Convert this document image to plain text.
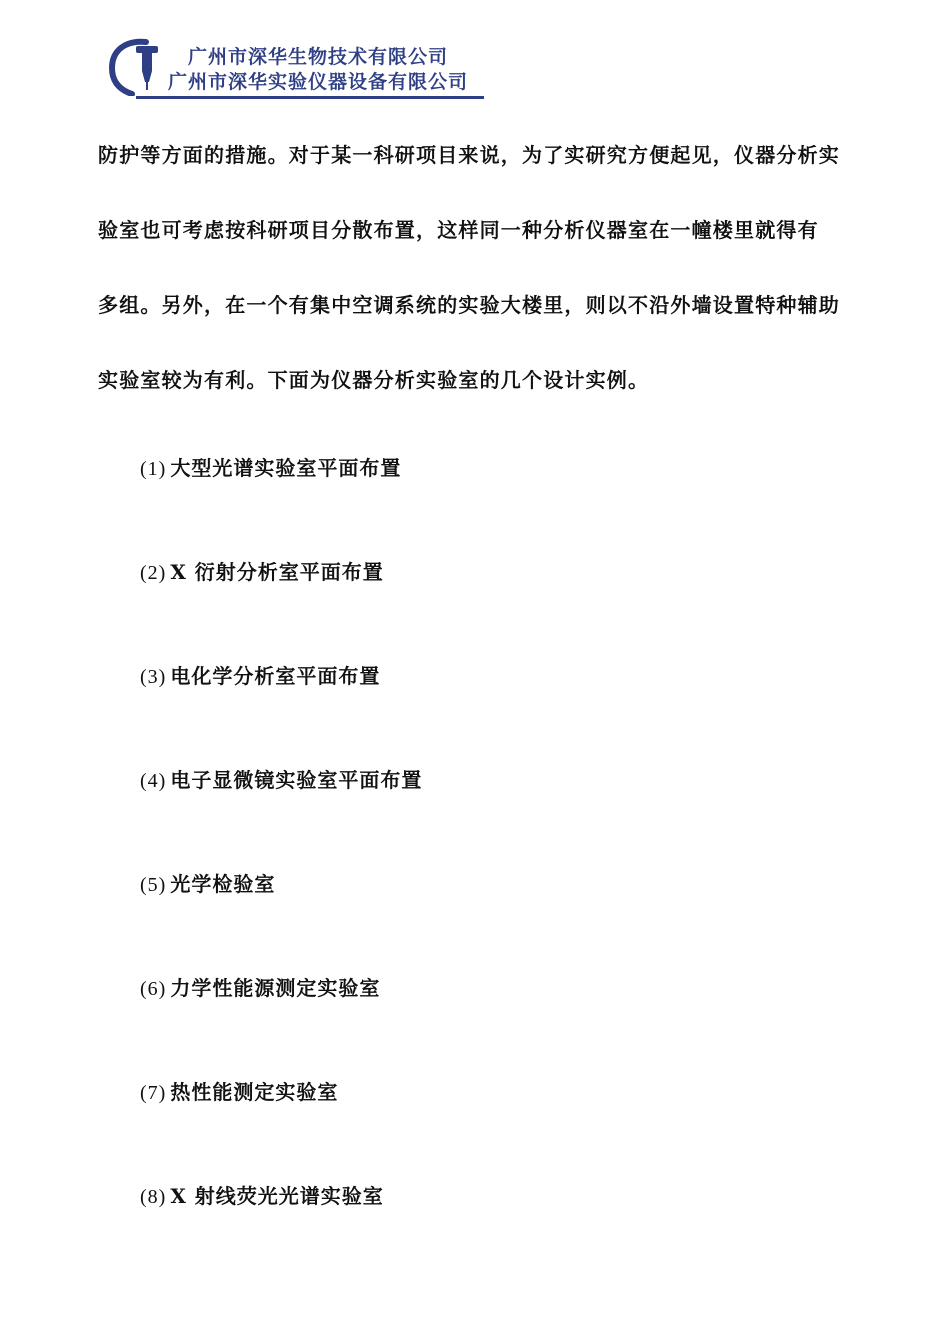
广州市深华生物技术有限公司
广州市深华实验仪器设备有限公司

防护等方面的措施。对于某一科研项目来说，为了实研究方便起见，仪器分析实
验室也可考虑按科研项目分散布置，这样同一种分析仪器室在一幢楼里就得有
多组。另外，在一个有集中空调系统的实验大楼里，则以不沿外墙设置特种辅助
实验室较为有利。下面为仪器分析实验室的几个设计实例。

(1) 大型光谱实验室平面布置
(2) X 衍射分析室平面布置
(3) 电化学分析室平面布置
(4) 电子显微镜实验室平面布置
(5) 光学检验室
(6) 力学性能源测定实验室
(7) 热性能测定实验室
(8) X 射线荧光光谱实验室
